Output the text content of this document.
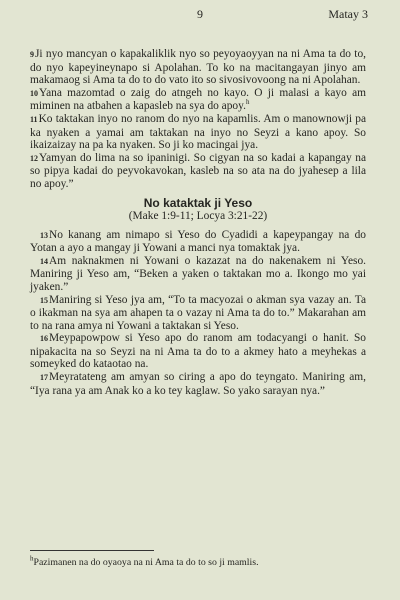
9	Matay 3

9Ji nyo mancyan o kapakaliklik nyo so peyoyaoyyan na ni Ama ta do to, do nyo kapeyineynapo si Apolahan. To ko na macitangayan jinyo am makamaog si Ama ta do to do vato ito so sivosivovoong na ni Apolahan.

10Yana mazomtad o zaig do atngeh no kayo. O ji malasi a kayo am miminen na atbahen a kapasleb na sya do apoy.$^h$

11Ko taktakan inyo no ranom do nyo na kapamlis. Am o manownowji pa ka nyaken a yamai am taktakan na inyo no Seyzi a kano apoy. So ikaizaizay na pa ka nyaken. So ji ko macingai jya.

12Yamyan do lima na so ipaninigi. So cigyan na so kadai a kapangay na so pipya kadai do peyvokavokan, kasleb na so ata na do jyahesep a lila no apoy.”

No kataktak ji Yeso
(Make 1:9-11; Locya 3:21-22)

13No kanang am nimapo si Yeso do Cyadidi a kapeypangay na do Yotan a ayo a mangay ji Yowani a manci nya tomaktak jya.

14Am naknakmen ni Yowani o kazazat na do nakenakem ni Yeso. Maniring ji Yeso am, “Beken a yaken o taktakan mo a. Ikongo mo yai jyaken.”

15Maniring si Yeso jya am, “To ta macyozai o akman sya vazay an. Ta o ikakman na sya am ahapen ta o vazay ni Ama ta do to.” Makarahan am to na rana amya ni Yowani a taktakan si Yeso.

16Meypapowpow si Yeso apo do ranom am todacyangi o hanit. So nipakacita na so Seyzi na ni Ama ta do to a akmey hato a meyhekas a someyked do kataotao na.

17Meyratateng am amyan so ciring a apo do teyngato. Maniring am, “Iya rana ya am Anak ko a ko tey kaglaw. So yako sarayan nya.”

$^h$Pazimanen na do oyaoya na ni Ama ta do to so ji mamlis.
